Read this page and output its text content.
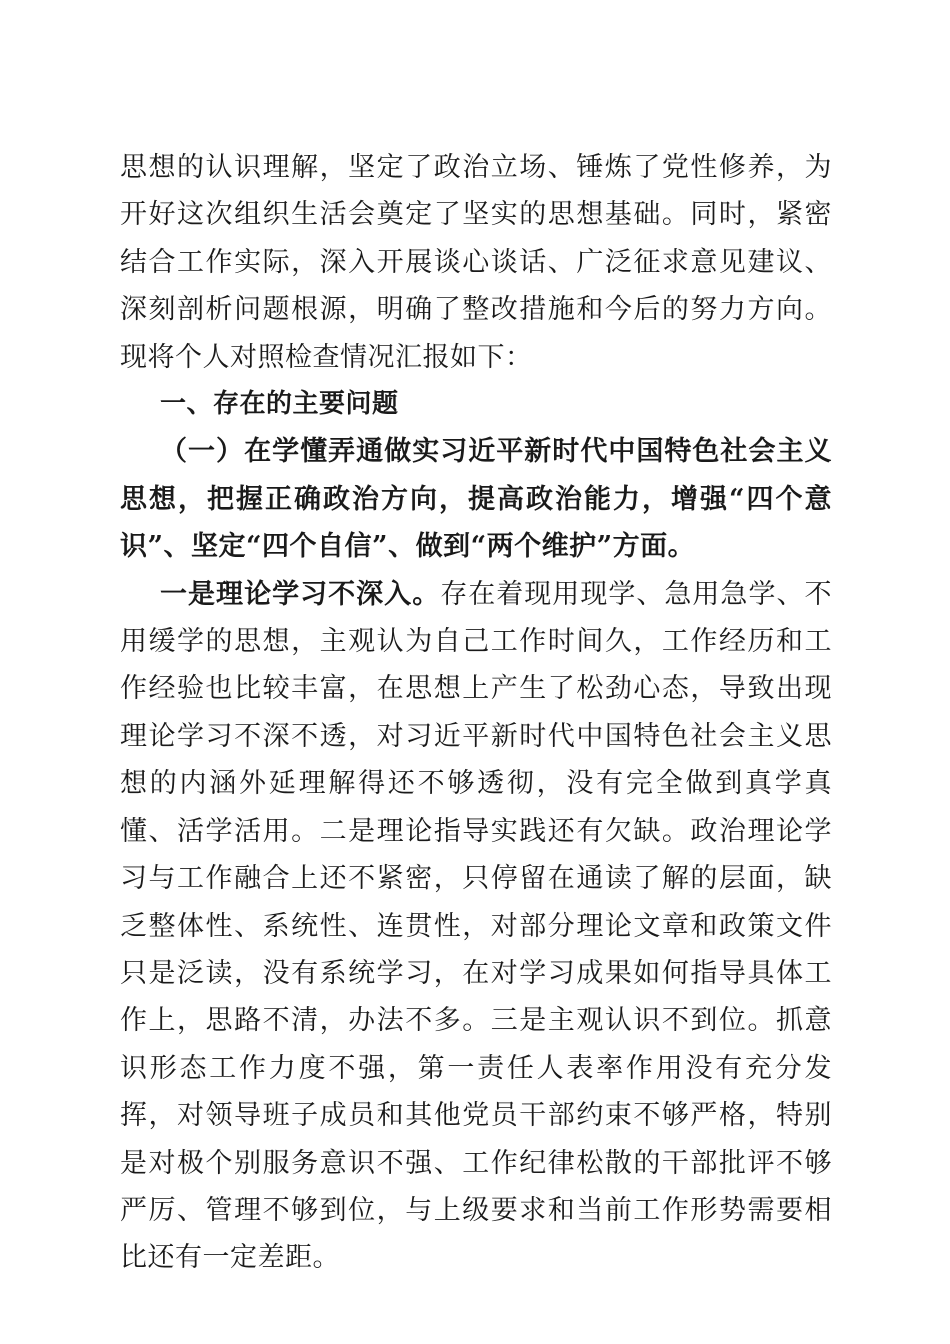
思想的认识理解，坚定了政治立场、锤炼了党性修养，为开好这次组织生活会奠定了坚实的思想基础。同时，紧密结合工作实际，深入开展谈心谈话、广泛征求意见建议、深刻剖析问题根源，明确了整改措施和今后的努力方向。现将个人对照检查情况汇报如下：

一、存在的主要问题

（一）在学懂弄通做实习近平新时代中国特色社会主义思想，把握正确政治方向，提高政治能力，增强“四个意识”、坚定“四个自信”、做到“两个维护”方面。

一是理论学习不深入。存在着现用现学、急用急学、不用缓学的思想，主观认为自己工作时间久，工作经历和工作经验也比较丰富，在思想上产生了松劲心态，导致出现理论学习不深不透，对习近平新时代中国特色社会主义思想的内涵外延理解得还不够透彻，没有完全做到真学真懂、活学活用。二是理论指导实践还有欠缺。政治理论学习与工作融合上还不紧密，只停留在通读了解的层面，缺乏整体性、系统性、连贯性，对部分理论文章和政策文件只是泛读，没有系统学习，在对学习成果如何指导具体工作上，思路不清，办法不多。三是主观认识不到位。抓意识形态工作力度不强，第一责任人表率作用没有充分发挥，对领导班子成员和其他党员干部约束不够严格，特别是对极个别服务意识不强、工作纪律松散的干部批评不够严厉、管理不够到位，与上级要求和当前工作形势需要相比还有一定差距。
